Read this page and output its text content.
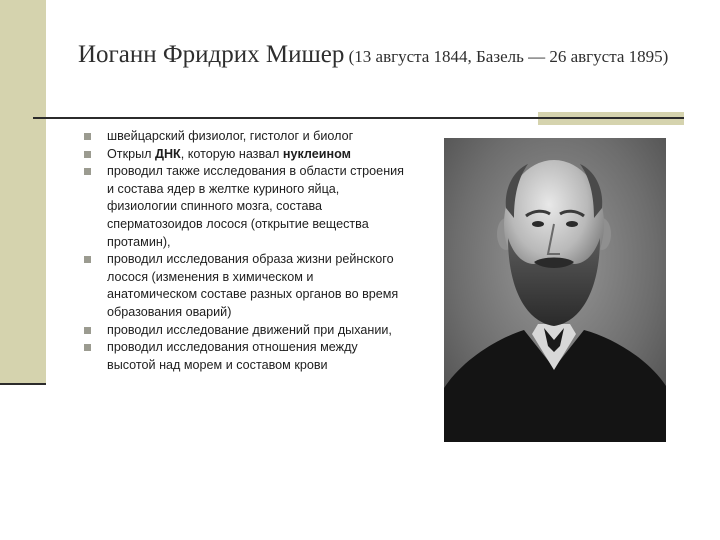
Иоганн Фридрих Мишер (13 августа 1844, Базель — 26 августа 1895)
швейцарский физиолог, гистолог и биолог
Открыл ДНК, которую назвал нуклеином
проводил также исследования в области строения и состава ядер в желтке куриного яйца, физиологии спинного мозга, состава сперматозоидов лосося (открытие вещества протамин),
проводил исследования образа жизни рейнского лосося (изменения в химическом и анатомическом составе разных органов во время образования оварий)
проводил исследование движений при дыхании,
проводил исследования отношения между высотой над морем и составом крови
